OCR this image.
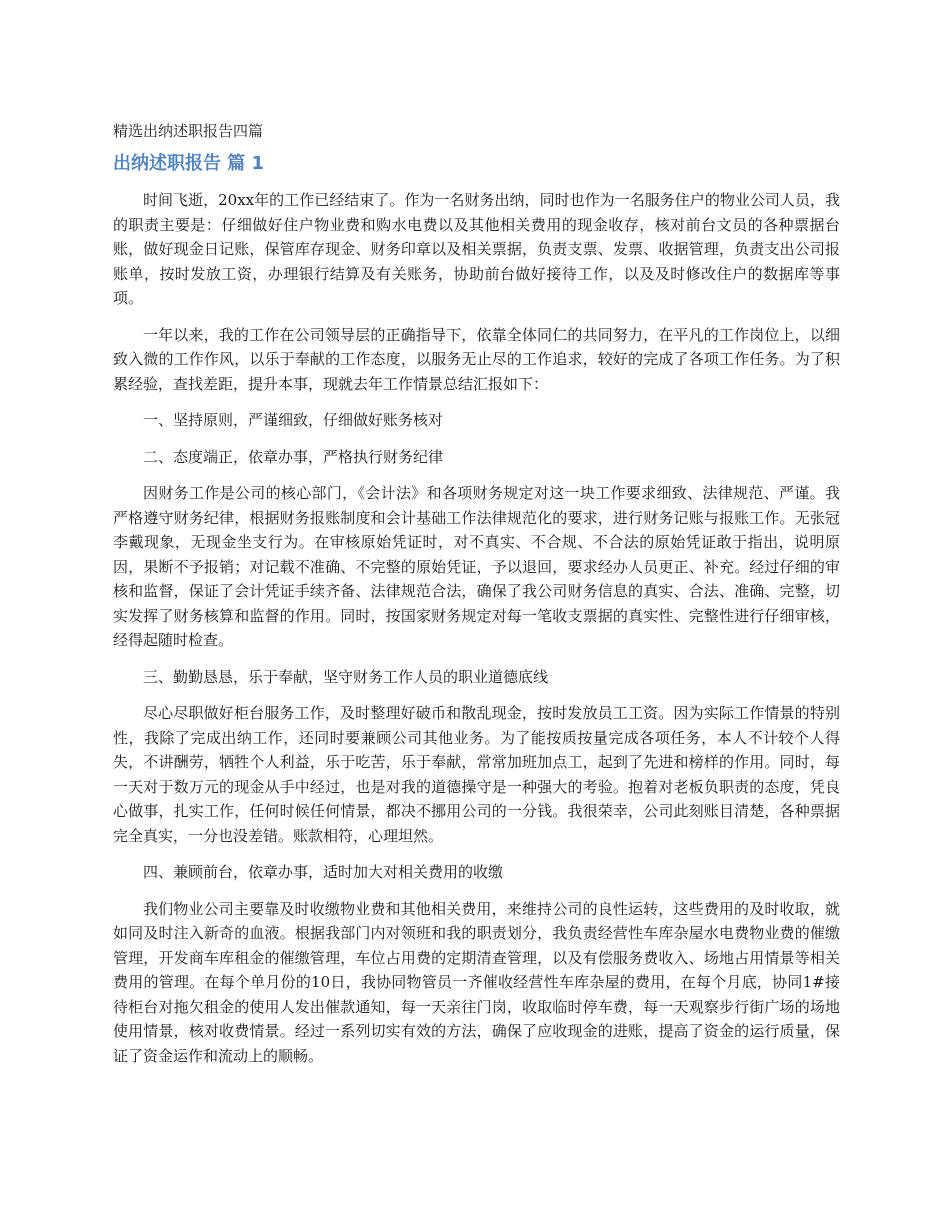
精选出纳述职报告四篇
出纳述职报告 篇 1

时间飞逝，20xx年的工作已经结束了。作为一名财务出纳，同时也作为一名服务住户的物业公司人员，我的职责主要是：仔细做好住户物业费和购水电费以及其他相关费用的现金收存，核对前台文员的各种票据台账，做好现金日记账，保管库存现金、财务印章以及相关票据，负责支票、发票、收据管理，负责支出公司报账单，按时发放工资，办理银行结算及有关账务，协助前台做好接待工作，以及及时修改住户的数据库等事项。

一年以来，我的工作在公司领导层的正确指导下，依靠全体同仁的共同努力，在平凡的工作岗位上，以细致入微的工作作风，以乐于奉献的工作态度，以服务无止尽的工作追求，较好的完成了各项工作任务。为了积累经验，查找差距，提升本事，现就去年工作情景总结汇报如下：

一、坚持原则，严谨细致，仔细做好账务核对

二、态度端正，依章办事，严格执行财务纪律

因财务工作是公司的核心部门，《会计法》和各项财务规定对这一块工作要求细致、法律规范、严谨。我严格遵守财务纪律，根据财务报账制度和会计基础工作法律规范化的要求，进行财务记账与报账工作。无张冠李戴现象，无现金坐支行为。在审核原始凭证时，对不真实、不合规、不合法的原始凭证敢于指出，说明原因，果断不予报销；对记载不准确、不完整的原始凭证，予以退回，要求经办人员更正、补充。经过仔细的审核和监督，保证了会计凭证手续齐备、法律规范合法，确保了我公司财务信息的真实、合法、准确、完整，切实发挥了财务核算和监督的作用。同时，按国家财务规定对每一笔收支票据的真实性、完整性进行仔细审核，经得起随时检查。

三、勤勤恳恳，乐于奉献，坚守财务工作人员的职业道德底线

尽心尽职做好柜台服务工作，及时整理好破币和散乱现金，按时发放员工工资。因为实际工作情景的特别性，我除了完成出纳工作，还同时要兼顾公司其他业务。为了能按质按量完成各项任务，本人不计较个人得失，不讲酬劳，牺牲个人利益，乐于吃苦，乐于奉献，常常加班加点工，起到了先进和榜样的作用。同时，每一天对于数万元的现金从手中经过，也是对我的道德操守是一种强大的考验。抱着对老板负职责的态度，凭良心做事，扎实工作，任何时候任何情景，都决不挪用公司的一分钱。我很荣幸，公司此刻账目清楚，各种票据完全真实，一分也没差错。账款相符，心理坦然。

四、兼顾前台，依章办事，适时加大对相关费用的收缴

我们物业公司主要靠及时收缴物业费和其他相关费用，来维持公司的良性运转，这些费用的及时收取，就如同及时注入新奇的血液。根据我部门内对领班和我的职责划分，我负责经营性车库杂屋水电费物业费的催缴管理，开发商车库租金的催缴管理，车位占用费的定期清查管理，以及有偿服务费收入、场地占用情景等相关费用的管理。在每个单月份的10日，我协同物管员一齐催收经营性车库杂屋的费用，在每个月底，协同1#接待柜台对拖欠租金的使用人发出催款通知，每一天亲往门岗，收取临时停车费，每一天观察步行街广场的场地使用情景，核对收费情景。经过一系列切实有效的方法，确保了应收现金的进账，提高了资金的运行质量，保证了资金运作和流动上的顺畅。
